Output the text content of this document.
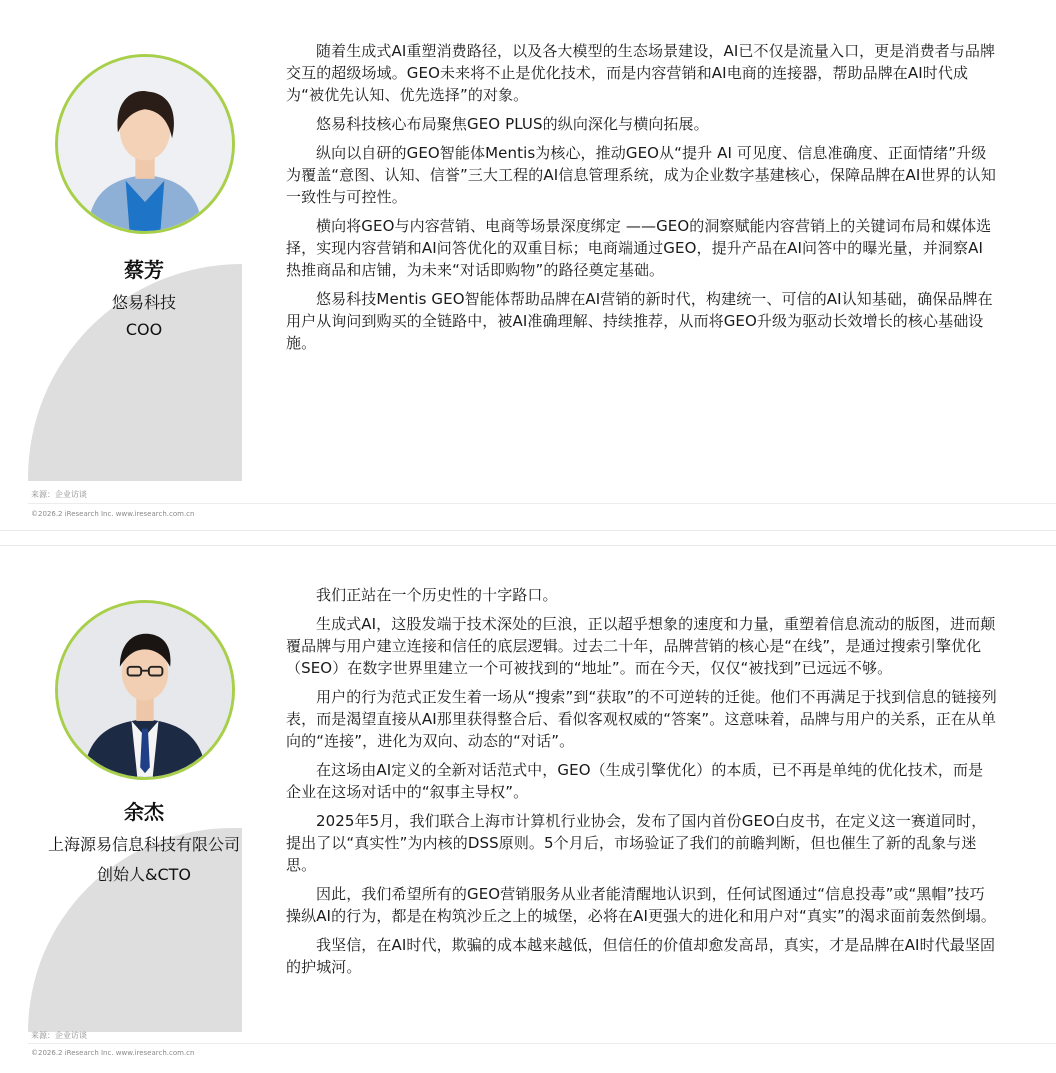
蔡芳
悠易科技
COO

随着生成式AI重塑消费路径，以及各大模型的生态场景建设，AI已不仅是流量入口，更是消费者与品牌交互的超级场域。GEO未来将不止是优化技术，而是内容营销和AI电商的连接器，帮助品牌在AI时代成为“被优先认知、优先选择”的对象。

悠易科技核心布局聚焦GEO PLUS的纵向深化与横向拓展。

纵向以自研的GEO智能体Mentis为核心，推动GEO从“提升 AI 可见度、信息准确度、正面情绪”升级为覆盖“意图、认知、信誉”三大工程的AI信息管理系统，成为企业数字基建核心，保障品牌在AI世界的认知一致性与可控性。

横向将GEO与内容营销、电商等场景深度绑定 ——GEO的洞察赋能内容营销上的关键词布局和媒体选择，实现内容营销和AI问答优化的双重目标；电商端通过GEO，提升产品在AI问答中的曝光量，并洞察AI热推商品和店铺，为未来“对话即购物”的路径奠定基础。

悠易科技Mentis GEO智能体帮助品牌在AI营销的新时代，构建统一、可信的AI认知基础，确保品牌在用户从询问到购买的全链路中，被AI准确理解、持续推荐，从而将GEO升级为驱动长效增长的核心基础设施。

来源：企业访谈
©2026.2 iResearch Inc. www.iresearch.com.cn
余杰
上海源易信息科技有限公司
创始人&CTO

我们正站在一个历史性的十字路口。

生成式AI，这股发端于技术深处的巨浪，正以超乎想象的速度和力量，重塑着信息流动的版图，进而颠覆品牌与用户建立连接和信任的底层逻辑。过去二十年，品牌营销的核心是“在线”，是通过搜索引擎优化（SEO）在数字世界里建立一个可被找到的“地址”。而在今天，仅仅“被找到”已远远不够。

用户的行为范式正发生着一场从“搜索”到“获取”的不可逆转的迁徙。他们不再满足于找到信息的链接列表，而是渴望直接从AI那里获得整合后、看似客观权威的“答案”。这意味着，品牌与用户的关系，正在从单向的“连接”，进化为双向、动态的“对话”。

在这场由AI定义的全新对话范式中，GEO（生成引擎优化）的本质，已不再是单纯的优化技术，而是企业在这场对话中的“叙事主导权”。

2025年5月，我们联合上海市计算机行业协会，发布了国内首份GEO白皮书，在定义这一赛道同时，提出了以“真实性”为内核的DSS原则。5个月后，市场验证了我们的前瞻判断，但也催生了新的乱象与迷思。

因此，我们希望所有的GEO营销服务从业者能清醒地认识到，任何试图通过“信息投毒”或“黑帽”技巧操纵AI的行为，都是在构筑沙丘之上的城堡，必将在AI更强大的进化和用户对“真实”的渴求面前轰然倒塌。

我坚信，在AI时代，欺骗的成本越来越低，但信任的价值却愈发高昂，真实，才是品牌在AI时代最坚固的护城河。

来源：企业访谈
©2026.2 iResearch Inc. www.iresearch.com.cn
